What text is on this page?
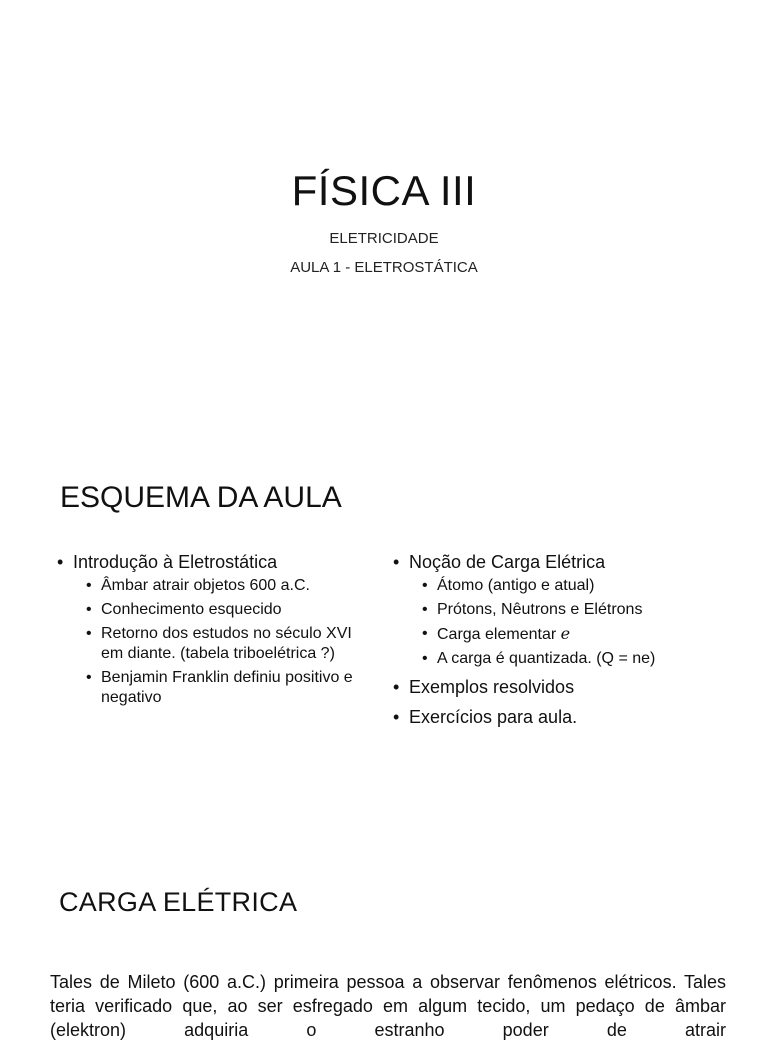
FÍSICA III
ELETRICIDADE
AULA 1 - ELETROSTÁTICA
ESQUEMA DA AULA
• Introdução à Eletrostática
• Âmbar atrair objetos 600 a.C.
• Conhecimento esquecido
• Retorno dos estudos no século XVI em diante. (tabela triboelétrica ?)
• Benjamin Franklin definiu positivo e negativo
• Noção de Carga Elétrica
• Átomo (antigo e atual)
• Prótons, Nêutrons e Elétrons
• Carga elementar e
• A carga é quantizada. (Q = ne)
• Exemplos resolvidos
• Exercícios para aula.
CARGA ELÉTRICA

Tales de Mileto (600 a.C.) primeira pessoa a observar fenômenos elétricos. Tales teria verificado que, ao ser esfregado em algum tecido, um pedaço de âmbar (elektron) adquiria o estranho poder de atrair
